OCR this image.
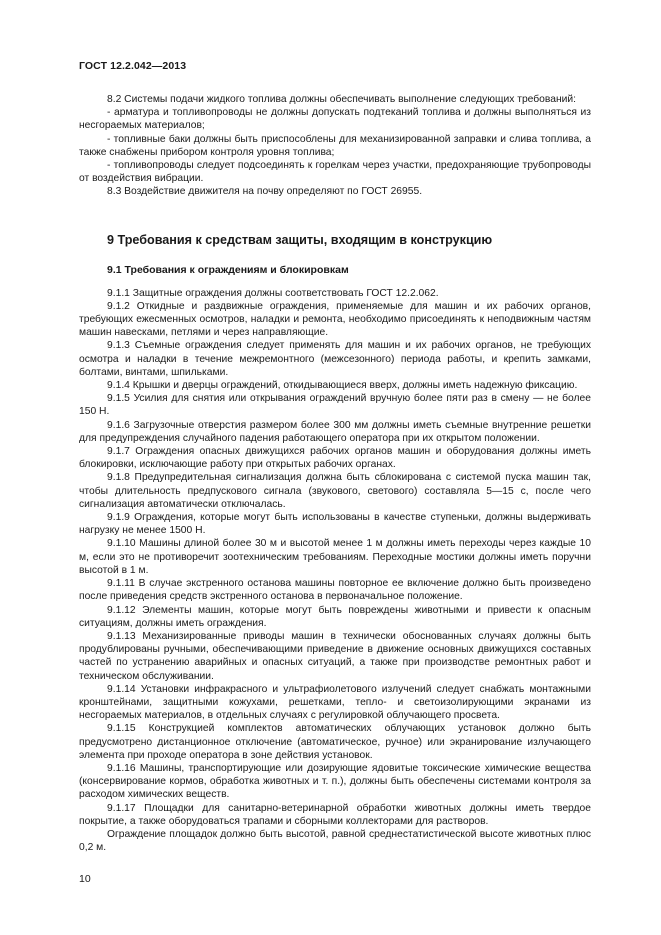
ГОСТ 12.2.042—2013

8.2 Системы подачи жидкого топлива должны обеспечивать выполнение следующих требований:

- арматура и топливопроводы не должны допускать подтеканий топлива и должны выполняться из несгораемых материалов;

- топливные баки должны быть приспособлены для механизированной заправки и слива топлива, а также снабжены прибором контроля уровня топлива;

- топливопроводы следует подсоединять к горелкам через участки, предохраняющие трубопроводы от воздействия вибрации.

8.3 Воздействие движителя на почву определяют по ГОСТ 26955.

9 Требования к средствам защиты, входящим в конструкцию
9.1 Требования к ограждениям и блокировкам

9.1.1 Защитные ограждения должны соответствовать ГОСТ 12.2.062.

9.1.2 Откидные и раздвижные ограждения, применяемые для машин и их рабочих органов, требующих ежесменных осмотров, наладки и ремонта, необходимо присоединять к неподвижным частям машин навесками, петлями и через направляющие.

9.1.3 Съемные ограждения следует применять для машин и их рабочих органов, не требующих осмотра и наладки в течение межремонтного (межсезонного) периода работы, и крепить замками, болтами, винтами, шпильками.

9.1.4 Крышки и дверцы ограждений, откидывающиеся вверх, должны иметь надежную фиксацию.

9.1.5 Усилия для снятия или открывания ограждений вручную более пяти раз в смену — не более 150 Н.

9.1.6 Загрузочные отверстия размером более 300 мм должны иметь съемные внутренние решетки для предупреждения случайного падения работающего оператора при их открытом положении.

9.1.7 Ограждения опасных движущихся рабочих органов машин и оборудования должны иметь блокировки, исключающие работу при открытых рабочих органах.

9.1.8 Предупредительная сигнализация должна быть сблокирована с системой пуска машин так, чтобы длительность предпускового сигнала (звукового, светового) составляла 5—15 с, после чего сигнализация автоматически отключалась.

9.1.9 Ограждения, которые могут быть использованы в качестве ступеньки, должны выдерживать нагрузку не менее 1500 Н.

9.1.10 Машины длиной более 30 м и высотой менее 1 м должны иметь переходы через каждые 10 м, если это не противоречит зоотехническим требованиям. Переходные мостики должны иметь поручни высотой в 1 м.

9.1.11 В случае экстренного останова машины повторное ее включение должно быть произведено после приведения средств экстренного останова в первоначальное положение.

9.1.12 Элементы машин, которые могут быть повреждены животными и привести к опасным ситуациям, должны иметь ограждения.

9.1.13 Механизированные приводы машин в технически обоснованных случаях должны быть продублированы ручными, обеспечивающими приведение в движение основных движущихся составных частей по устранению аварийных и опасных ситуаций, а также при производстве ремонтных работ и техническом обслуживании.

9.1.14 Установки инфракрасного и ультрафиолетового излучений следует снабжать монтажными кронштейнами, защитными кожухами, решетками, тепло- и светоизолирующими экранами из несгораемых материалов, в отдельных случаях с регулировкой облучающего просвета.

9.1.15 Конструкцией комплектов автоматических облучающих установок должно быть предусмотрено дистанционное отключение (автоматическое, ручное) или экранирование излучающего элемента при проходе оператора в зоне действия установок.

9.1.16 Машины, транспортирующие или дозирующие ядовитые токсические химические вещества (консервирование кормов, обработка животных и т. п.), должны быть обеспечены системами контроля за расходом химических веществ.

9.1.17 Площадки для санитарно-ветеринарной обработки животных должны иметь твердое покрытие, а также оборудоваться трапами и сборными коллекторами для растворов.

Ограждение площадок должно быть высотой, равной среднестатистической высоте животных плюс 0,2 м.

10
